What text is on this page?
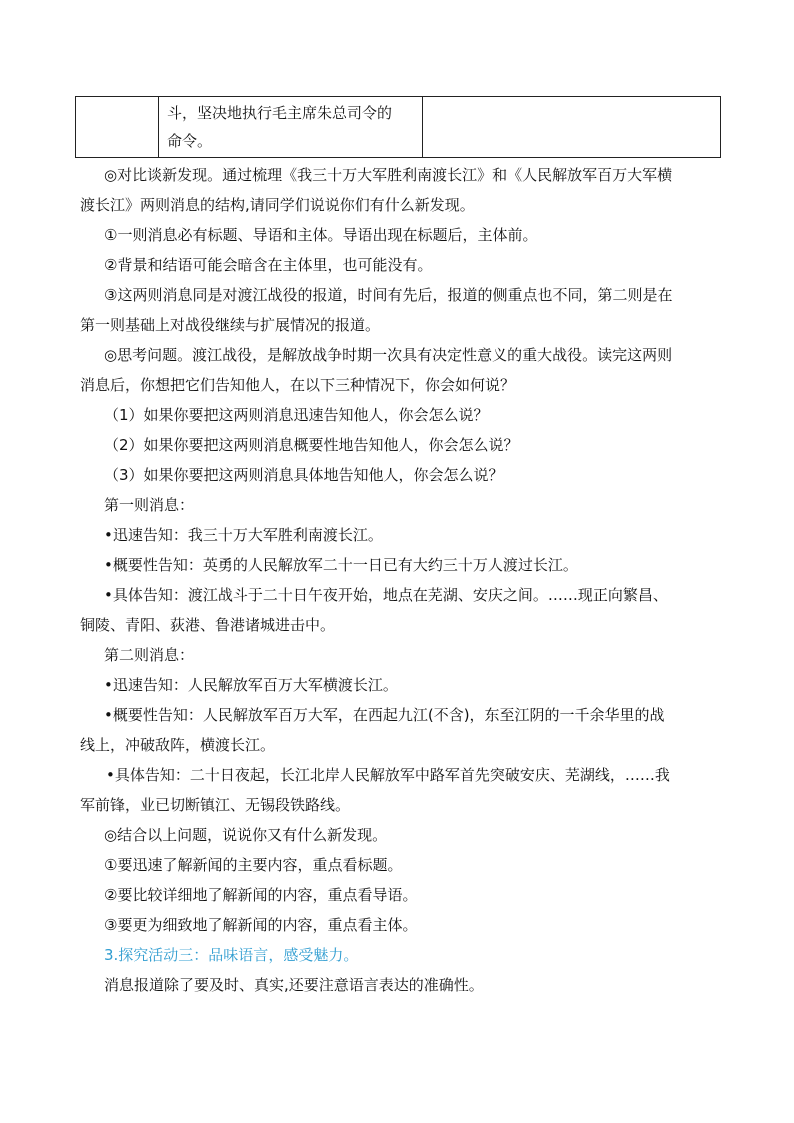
斗，坚决地执行毛主席朱总司令的
命令。

◎对比谈新发现。通过梳理《我三十万大军胜利南渡长江》和《人民解放军百万大军横
渡长江》两则消息的结构,请同学们说说你们有什么新发现。
①一则消息必有标题、导语和主体。导语出现在标题后，主体前。
②背景和结语可能会暗含在主体里，也可能没有。
③这两则消息同是对渡江战役的报道，时间有先后，报道的侧重点也不同，第二则是在
第一则基础上对战役继续与扩展情况的报道。
◎思考问题。渡江战役，是解放战争时期一次具有决定性意义的重大战役。读完这两则
消息后，你想把它们告知他人，在以下三种情况下，你会如何说？
（1）如果你要把这两则消息迅速告知他人，你会怎么说？
（2）如果你要把这两则消息概要性地告知他人，你会怎么说？
（3）如果你要把这两则消息具体地告知他人，你会怎么说？
第一则消息：
•迅速告知：我三十万大军胜利南渡长江。
•概要性告知：英勇的人民解放军二十一日已有大约三十万人渡过长江。
•具体告知：渡江战斗于二十日午夜开始，地点在芜湖、安庆之间。……现正向繁昌、
铜陵、青阳、荻港、鲁港诸城进击中。
第二则消息：
•迅速告知：人民解放军百万大军横渡长江。
•概要性告知：人民解放军百万大军，在西起九江(不含)，东至江阴的一千余华里的战
线上，冲破敌阵，横渡长江。
•具体告知：二十日夜起，长江北岸人民解放军中路军首先突破安庆、芜湖线，……我
军前锋，业已切断镇江、无锡段铁路线。
◎结合以上问题，说说你又有什么新发现。
①要迅速了解新闻的主要内容，重点看标题。
②要比较详细地了解新闻的内容，重点看导语。
③要更为细致地了解新闻的内容，重点看主体。
3.探究活动三：品味语言，感受魅力。
消息报道除了要及时、真实,还要注意语言表达的准确性。
